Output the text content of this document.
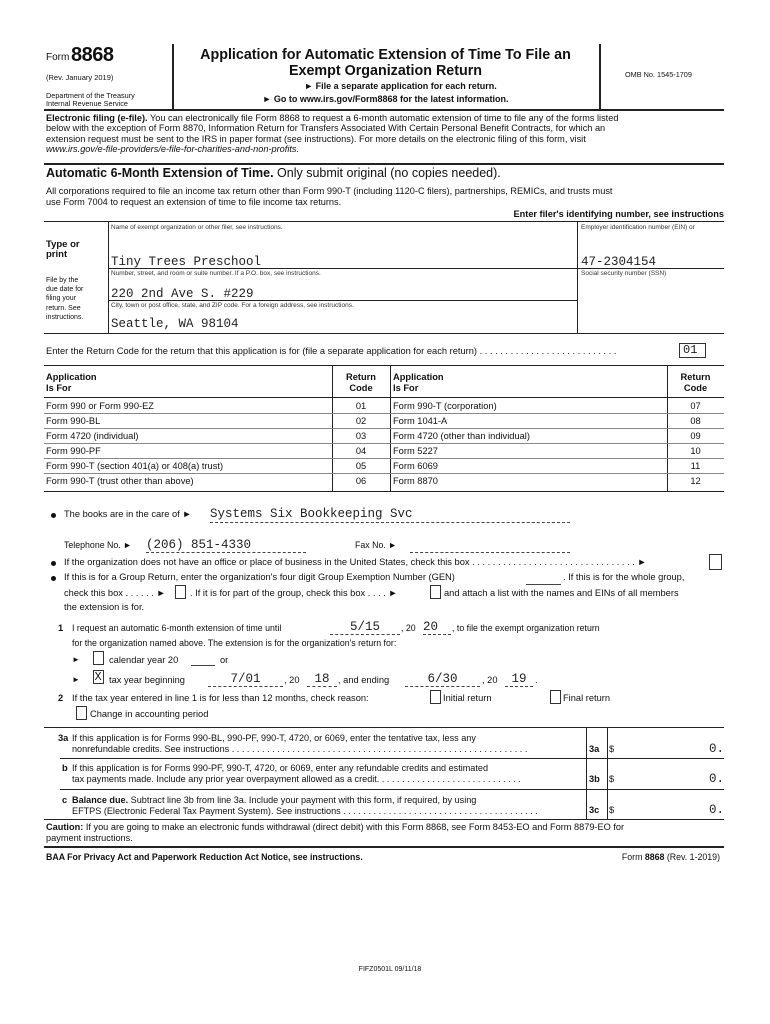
Form 8868
(Rev. January 2019)
Department of the Treasury
Internal Revenue Service
Application for Automatic Extension of Time To File an
Exempt Organization Return
► File a separate application for each return.
► Go to www.irs.gov/Form8868 for the latest information.
OMB No. 1545-1709
Electronic filing (e-file). You can electronically file Form 8868 to request a 6-month automatic extension of time to file any of the forms listed
below with the exception of Form 8870, Information Return for Transfers Associated With Certain Personal Benefit Contracts, for which an
extension request must be sent to the IRS in paper format (see instructions). For more details on the electronic filing of this form, visit
www.irs.gov/e-file-providers/e-file-for-charities-and-non-profits.
Automatic 6-Month Extension of Time. Only submit original (no copies needed).
All corporations required to file an income tax return other than Form 990-T (including 1120-C filers), partnerships, REMICs, and trusts must
use Form 7004 to request an extension of time to file income tax returns.
Enter filer's identifying number, see instructions
Type or
print
File by the
due date for
filing your
return. See
instructions.
Name of exempt organization or other filer, see instructions.
Tiny Trees Preschool
Employer identification number (EIN) or
47-2304154
Number, street, and room or suite number. If a P.O. box, see instructions.
220 2nd Ave S. #229
Social security number (SSN)
City, town or post office, state, and ZIP code. For a foreign address, see instructions.
Seattle, WA 98104
Enter the Return Code for the return that this application is for (file a separate application for each return) . . . . . . . . . . . . . . . . . . . . . . . . . . .	01
Application
Is For
Return
Code
Application
Is For
Return
Code
Form 990 or Form 990-EZ	01
Form 990-BL	02
Form 4720 (individual)	03
Form 990-PF	04
Form 990-T (section 401(a) or 408(a) trust)	05
Form 990-T (trust other than above)	06
Form 990-T (corporation)	07
Form 1041-A	08
Form 4720 (other than individual)	09
Form 5227	10
Form 6069	11
Form 8870	12
The books are in the care of ► Systems Six Bookkeeping Svc
Telephone No. ► (206) 851-4330	Fax No. ►
If the organization does not have an office or place of business in the United States, check this box . . . . . . . . . . . . . . . . . . . . . . . . . . . . . . . . ►
If this is for a Group Return, enter the organization's four digit Group Exemption Number (GEN)	. If this is for the whole group,
check this box . . . . . . ►	. If it is for part of the group, check this box . . . . ►	and attach a list with the names and EINs of all members
the extension is for.
1 I request an automatic 6-month extension of time until	5/15	, 20 20	, to file the exempt organization return
for the organization named above. The extension is for the organization's return for:
►	calendar year 20	or
► X tax year beginning	7/01	, 20	18 , and ending	6/30	, 20	19 .
2 If the tax year entered in line 1 is for less than 12 months, check reason:	Initial return	Final return
Change in accounting period
3a If this application is for Forms 990-BL, 990-PF, 990-T, 4720, or 6069, enter the tentative tax, less any
nonrefundable credits. See instructions . . . . . . . . . . . . . . . . . . . . . . . . . . . . . . . . . . . . . . . . . . . . . . . . . . . . . . . . . . .	3a $	0.
b If this application is for Forms 990-PF, 990-T, 4720, or 6069, enter any refundable credits and estimated
tax payments made. Include any prior year overpayment allowed as a credit. . . . . . . . . . . . . . . . . . . . . . . . . . . . .	3b $	0.
c Balance due. Subtract line 3b from line 3a. Include your payment with this form, if required, by using
EFTPS (Electronic Federal Tax Payment System). See instructions . . . . . . . . . . . . . . . . . . . . . . . . . . . . . . . . . . . . . . .	3c $	0.
Caution: If you are going to make an electronic funds withdrawal (direct debit) with this Form 8868, see Form 8453-EO and Form 8879-EO for
payment instructions.
BAA For Privacy Act and Paperwork Reduction Act Notice, see instructions.	Form 8868 (Rev. 1-2019)
FIFZ0501L 09/11/18
